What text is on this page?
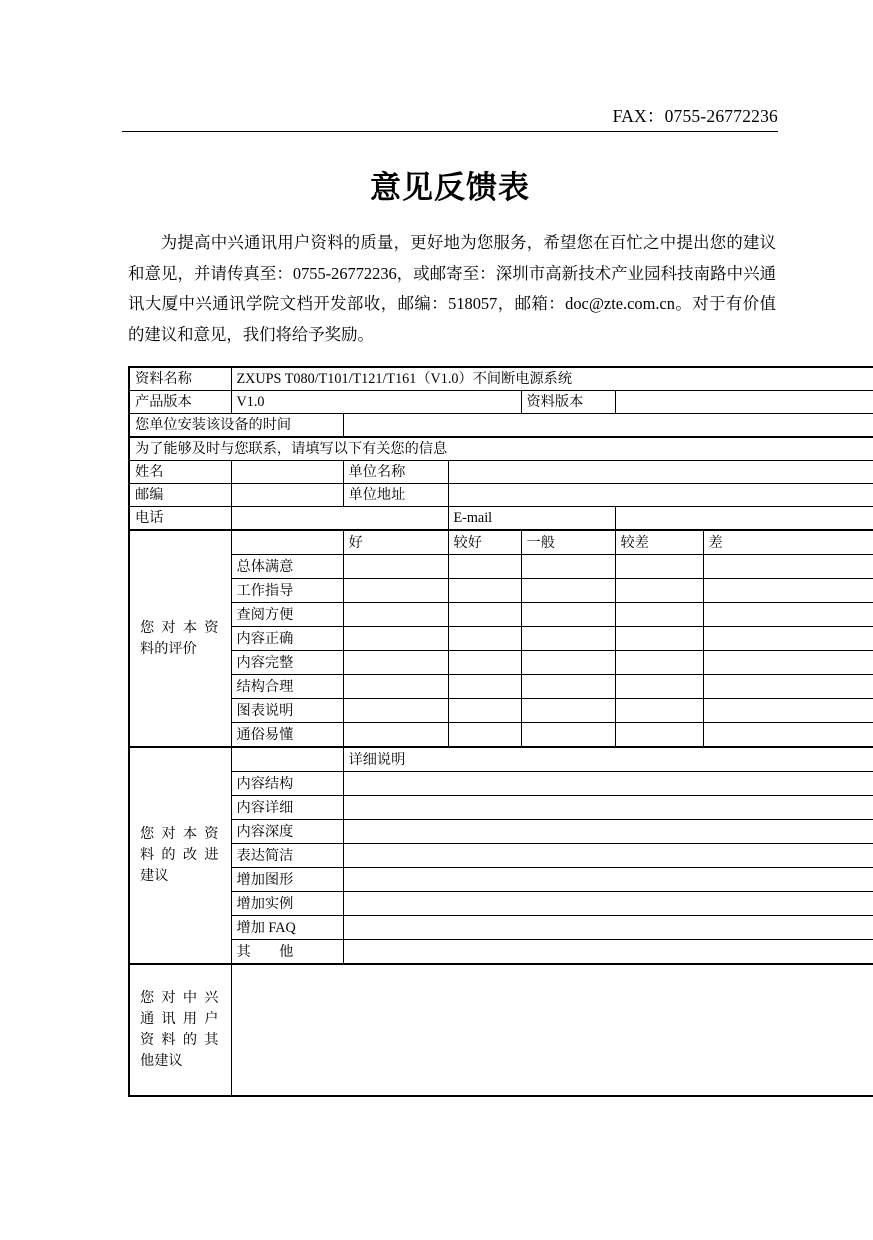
FAX：0755-26772236
意见反馈表
为提高中兴通讯用户资料的质量，更好地为您服务，希望您在百忙之中提出您的建议和意见，并请传真至：0755-26772236，或邮寄至：深圳市高新技术产业园科技南路中兴通讯大厦中兴通讯学院文档开发部收，邮编：518057，邮箱：doc@zte.com.cn。对于有价值的建议和意见，我们将给予奖励。
资料名称	ZXUPS T080/T101/T121/T161（V1.0）不间断电源系统					
产品版本	V1.0			资料版本		
您单位安装该设备的时间						
为了能够及时与您联系，请填写以下有关您的信息						
姓名		单位名称				
邮编		单位地址				
电话			E-mail			

您对本资
料的评价		好	较好	一般	较差	差
	总体满意					
	工作指导					
	查阅方便					
	内容正确					
	内容完整					
	结构合理					
	图表说明					
	通俗易懂					

您对本资
料的改进
建议		详细说明				
	内容结构					
	内容详细					
	内容深度					
	表达简洁					
	增加图形					
	增加实例					
	增加 FAQ					
	其　　他					

您对中兴
通讯用户
资料的其
他建议						
